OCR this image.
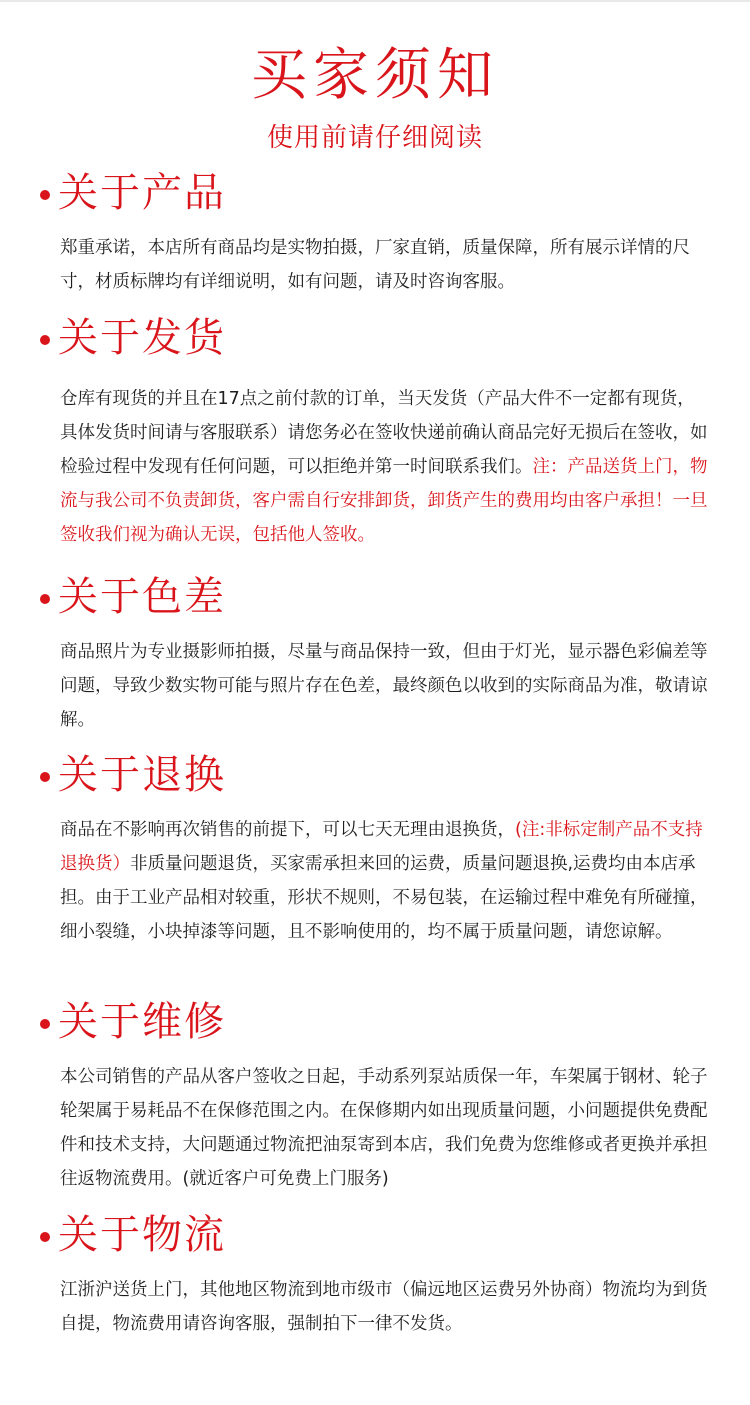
买家须知
使用前请仔细阅读
关于产品

郑重承诺，本店所有商品均是实物拍摄，厂家直销，质量保障，所有展示详情的尺寸，材质标牌均有详细说明，如有问题，请及时咨询客服。

关于发货

仓库有现货的并且在17点之前付款的订单，当天发货（产品大件不一定都有现货，具体发货时间请与客服联系）请您务必在签收快递前确认商品完好无损后在签收，如检验过程中发现有任何问题，可以拒绝并第一时间联系我们。注：产品送货上门，物流与我公司不负责卸货，客户需自行安排卸货，卸货产生的费用均由客户承担！一旦签收我们视为确认无误，包括他人签收。

关于色差

商品照片为专业摄影师拍摄，尽量与商品保持一致，但由于灯光，显示器色彩偏差等问题，导致少数实物可能与照片存在色差，最终颜色以收到的实际商品为准，敬请谅解。

关于退换

商品在不影响再次销售的前提下，可以七天无理由退换货，(注:非标定制产品不支持退换货）非质量问题退货，买家需承担来回的运费，质量问题退换,运费均由本店承担。由于工业产品相对较重，形状不规则，不易包装，在运输过程中难免有所碰撞，细小裂缝，小块掉漆等问题，且不影响使用的，均不属于质量问题，请您谅解。

关于维修

本公司销售的产品从客户签收之日起，手动系列泵站质保一年，车架属于钢材、轮子轮架属于易耗品不在保修范围之内。在保修期内如出现质量问题，小问题提供免费配件和技术支持，大问题通过物流把油泵寄到本店，我们免费为您维修或者更换并承担往返物流费用。(就近客户可免费上门服务)

关于物流

江浙沪送货上门，其他地区物流到地市级市（偏远地区运费另外协商）物流均为到货自提，物流费用请咨询客服，强制拍下一律不发货。
